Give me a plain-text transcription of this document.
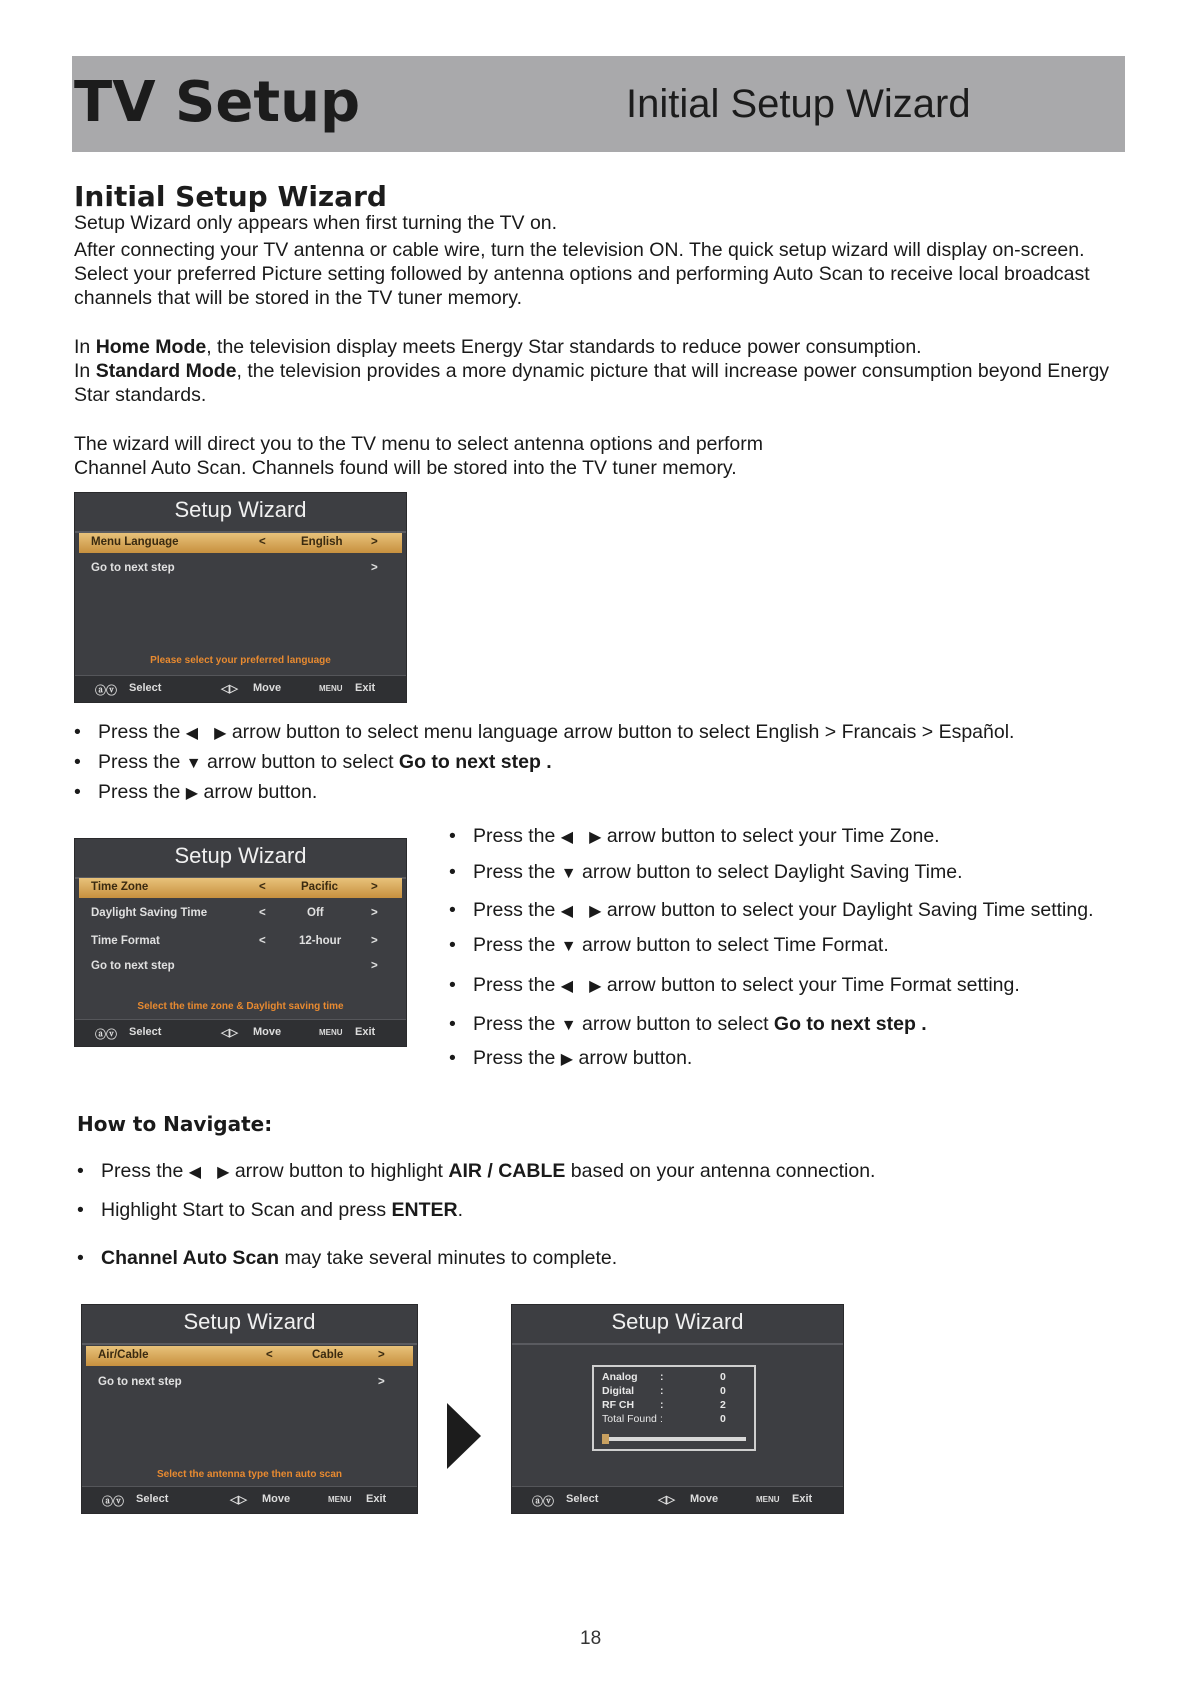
TV Setup	Initial Setup Wizard
Initial Setup Wizard
Setup Wizard only appears when first turning the TV on.
After connecting your TV antenna or cable wire, turn the television ON. The quick setup wizard will display on-screen.
Select your preferred Picture setting followed by antenna options and performing Auto Scan to receive local broadcast
channels that will be stored in the TV tuner memory.
In Home Mode, the television display meets Energy Star standards to reduce power consumption.
In Standard Mode, the television provides a more dynamic picture that will increase power consumption beyond Energy
Star standards.
The wizard will direct you to the TV menu to select antenna options and perform
Channel Auto Scan. Channels found will be stored into the TV tuner memory.
Setup Wizard
Menu Language	<	English >
Go to next step	>
Please select your preferred language
ⓐⓥ Select	◁▷ Move	MENU Exit
• Press the ◀ ▶ arrow button to select menu language arrow button to select English > Francais > Español.
• Press the ▼ arrow button to select Go to next step .
• Press the ▶ arrow button.
Setup Wizard
Time Zone	<	Pacific	>
Daylight Saving Time	<	Off	>
Time Format	<	12-hour	>
Go to next step	>
Select the time zone & Daylight saving time
ⓐⓥ Select	◁▷ Move	MENU Exit
• Press the ◀ ▶ arrow button to select your Time Zone.
• Press the ▼ arrow button to select Daylight Saving Time.
• Press the ◀ ▶ arrow button to select your Daylight Saving Time setting.
• Press the ▼ arrow button to select Time Format.
• Press the ◀ ▶ arrow button to select your Time Format setting.
• Press the ▼ arrow button to select Go to next step .
• Press the ▶ arrow button.
How to Navigate:
• Press the ◀ ▶ arrow button to highlight AIR / CABLE based on your antenna connection.
• Highlight Start to Scan and press ENTER.
• Channel Auto Scan may take several minutes to complete.
Setup Wizard
Air/Cable	<	Cable	>
Go to next step	>
Select the antenna type then auto scan
ⓐⓥ Select	◁▷ Move	MENU Exit
Setup Wizard
Analog :	0
Digital :	0
RF CH :	2
Total Found :	0
ⓐⓥ Select	◁▷ Move	MENU Exit
18
